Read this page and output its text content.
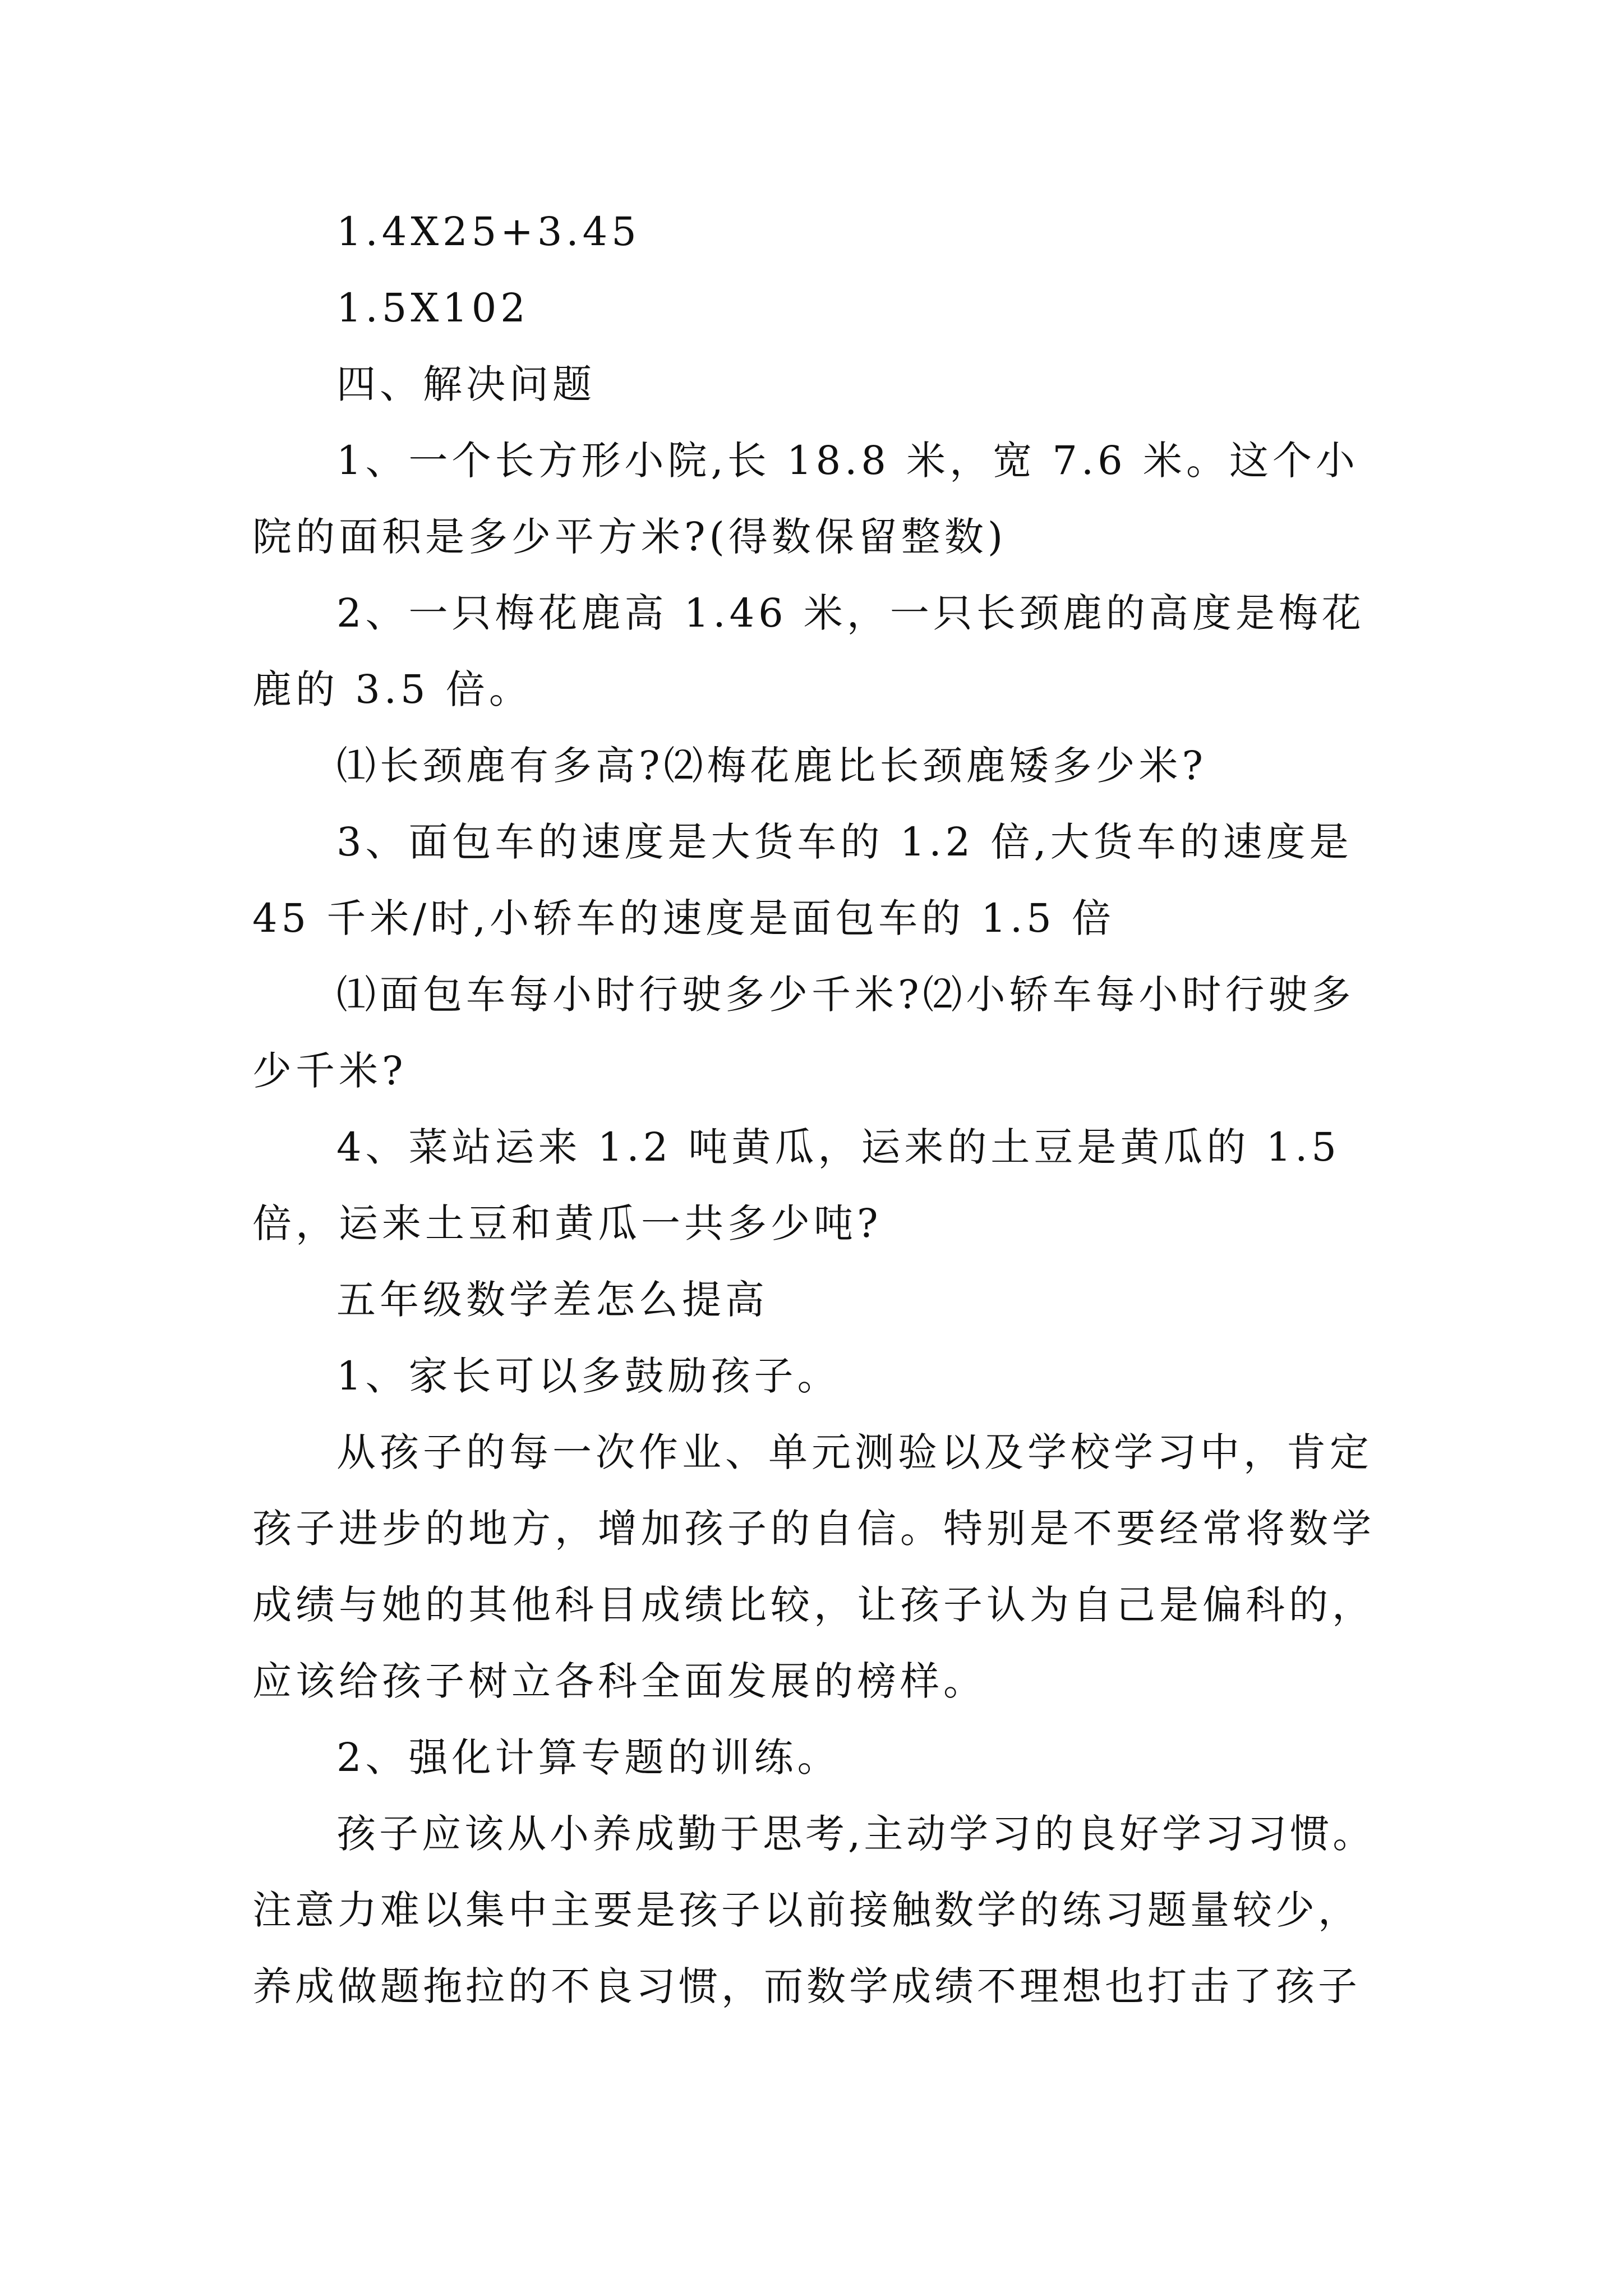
1.4X25+3.45

1.5X102

四、解决问题

1、一个长方形小院,长 18.8 米，宽 7.6 米。这个小院的面积是多少平方米?(得数保留整数)

2、一只梅花鹿高 1.46 米，一只长颈鹿的高度是梅花鹿的 3.5 倍。

⑴长颈鹿有多高?⑵梅花鹿比长颈鹿矮多少米?

3、面包车的速度是大货车的 1.2 倍,大货车的速度是 45 千米/时,小轿车的速度是面包车的 1.5 倍

⑴面包车每小时行驶多少千米?⑵小轿车每小时行驶多少千米?

4、菜站运来 1.2 吨黄瓜，运来的土豆是黄瓜的 1.5 倍，运来土豆和黄瓜一共多少吨?

五年级数学差怎么提高

1、家长可以多鼓励孩子。

从孩子的每一次作业、单元测验以及学校学习中，肯定孩子进步的地方，增加孩子的自信。特别是不要经常将数学成绩与她的其他科目成绩比较，让孩子认为自己是偏科的，应该给孩子树立各科全面发展的榜样。

2、强化计算专题的训练。

孩子应该从小养成勤于思考,主动学习的良好学习习惯。注意力难以集中主要是孩子以前接触数学的练习题量较少，养成做题拖拉的不良习惯，而数学成绩不理想也打击了孩子
